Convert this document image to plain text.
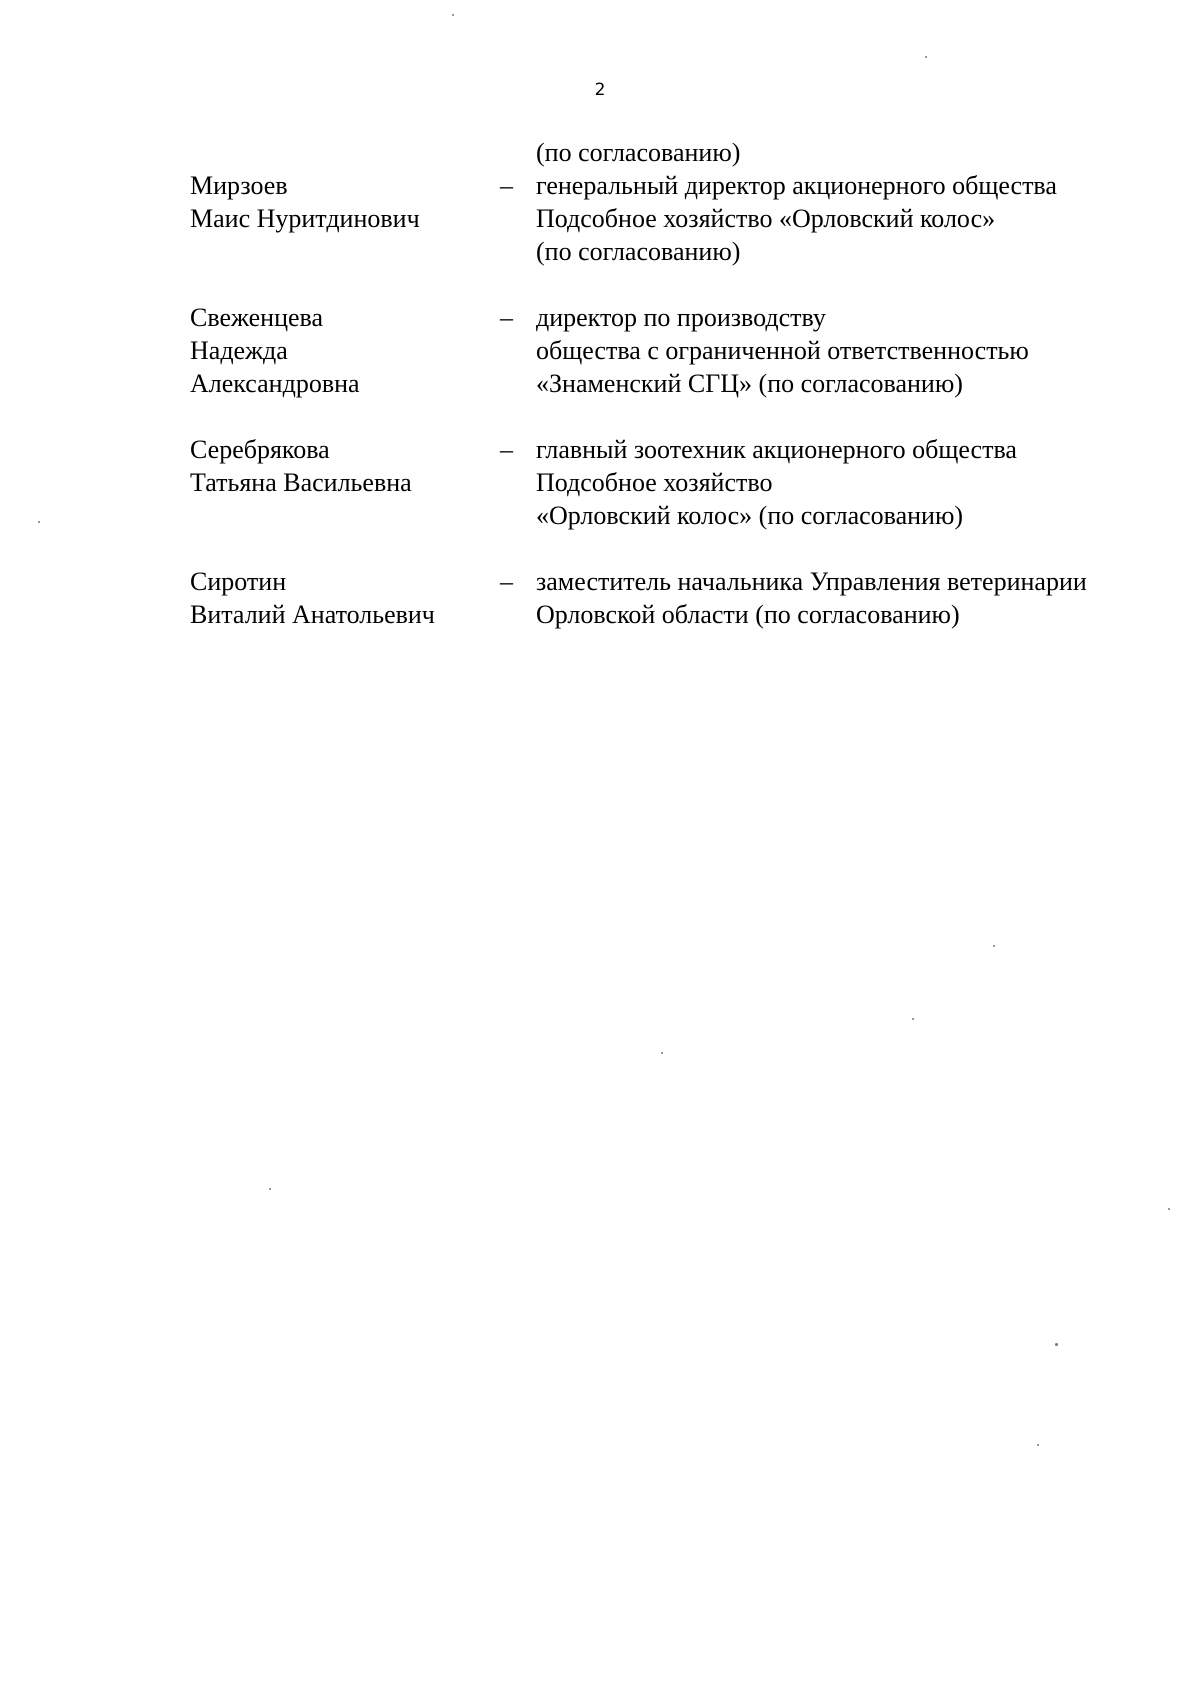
2
(по согласованию)
Мирзоев
Маис Нуритдинович
– генеральный директор акционерного общества
Подсобное хозяйство «Орловский колос»
(по согласованию)
Свеженцева
Надежда
Александровна
– директор по производству
общества с ограниченной ответственностью
«Знаменский СГЦ» (по согласованию)
Серебрякова
Татьяна Васильевна
– главный зоотехник акционерного общества
Подсобное хозяйство
«Орловский колос» (по согласованию)
Сиротин
Виталий Анатольевич
– заместитель начальника Управления ветеринарии
Орловской области (по согласованию)
